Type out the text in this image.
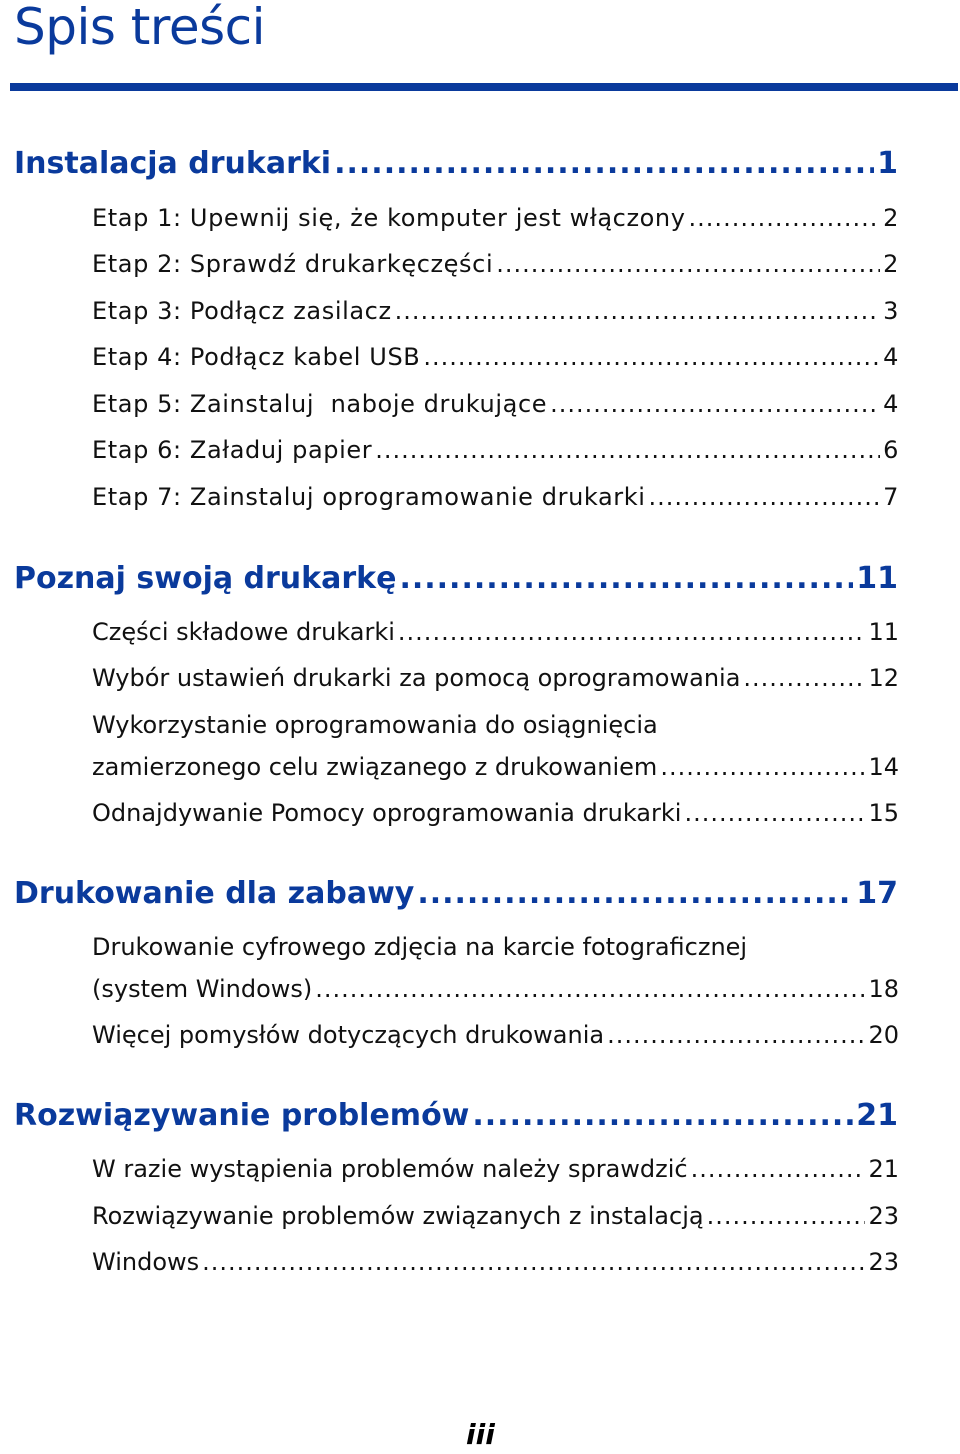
Spis treści
Instalacja drukarki .....	1
Etap 1: Upewnij się, że komputer jest włączony .....	2
Etap 2: Sprawdź drukarkęczęści .....	2
Etap 3: Podłącz zasilacz .....	3
Etap 4: Podłącz kabel USB .....	4
Etap 5: Zainstaluj  naboje drukujące .....	4
Etap 6: Załaduj papier .....	6
Etap 7: Zainstaluj oprogramowanie drukarki .....	7
Poznaj swoją drukarkę .....	11
Części składowe drukarki .....	11
Wybór ustawień drukarki za pomocą oprogramowania .....	12
Wykorzystanie oprogramowania do osiągnięcia
zamierzonego celu związanego z drukowaniem .....	14
Odnajdywanie Pomocy oprogramowania drukarki .....	15
Drukowanie dla zabawy .....	17
Drukowanie cyfrowego zdjęcia na karcie fotograficznej
(system Windows) .....	18
Więcej pomysłów dotyczących drukowania .....	20
Rozwiązywanie problemów .....	21
W razie wystąpienia problemów należy sprawdzić .....	21
Rozwiązywanie problemów związanych z instalacją .....	23
Windows .....	23

iii
